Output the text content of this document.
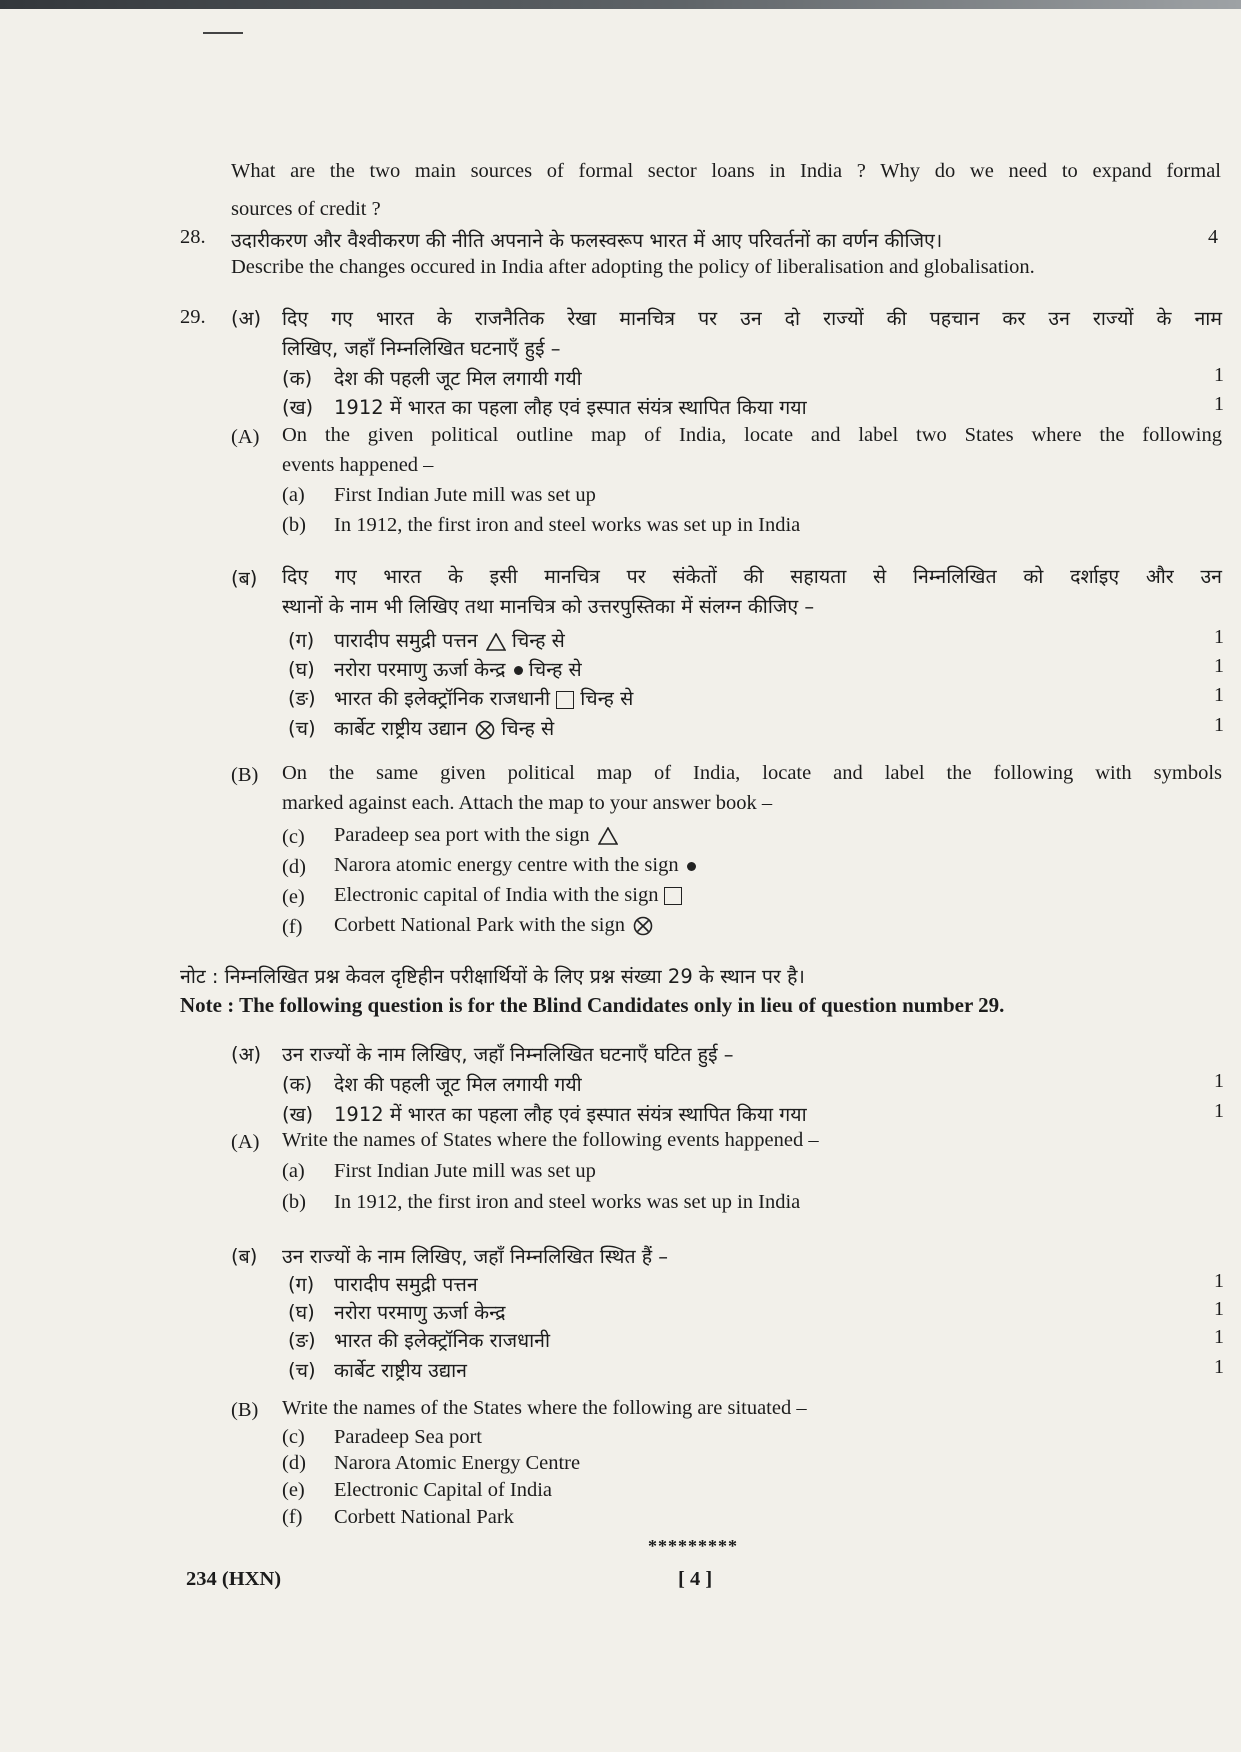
What are the two main sources of formal sector loans in India ? Why do we need to expand formal
sources of credit ?
28. उदारीकरण और वैश्वीकरण की नीति अपनाने के फलस्वरूप भारत में आए परिवर्तनों का वर्णन कीजिए।	4
Describe the changes occured in India after adopting the policy of liberalisation and globalisation.
29. (अ) दिए गए भारत के राजनैतिक रेखा मानचित्र पर उन दो राज्यों की पहचान कर उन राज्यों के नाम
लिखिए, जहाँ निम्नलिखित घटनाएँ हुई –
(क) देश की पहली जूट मिल लगायी गयी	1
(ख) 1912 में भारत का पहला लौह एवं इस्पात संयंत्र स्थापित किया गया	1
(A) On the given political outline map of India, locate and label two States where the following
events happened –
(a) First Indian Jute mill was set up
(b) In 1912, the first iron and steel works was set up in India
(ब) दिए गए भारत के इसी मानचित्र पर संकेतों की सहायता से निम्नलिखित को दर्शाइए और उन
स्थानों के नाम भी लिखिए तथा मानचित्र को उत्तरपुस्तिका में संलग्न कीजिए –
(ग) पारादीप समुद्री पत्तन चिन्ह से	1
(घ) नरोरा परमाणु ऊर्जा केन्द्र चिन्ह से	1
(ङ) भारत की इलेक्ट्रॉनिक राजधानी चिन्ह से	1
(च) कार्बेट राष्ट्रीय उद्यान चिन्ह से	1
(B) On the same given political map of India, locate and label the following with symbols
marked against each. Attach the map to your answer book –
(c) Paradeep sea port with the sign
(d) Narora atomic energy centre with the sign
(e) Electronic capital of India with the sign
(f) Corbett National Park with the sign
नोट : निम्नलिखित प्रश्न केवल दृष्टिहीन परीक्षार्थियों के लिए प्रश्न संख्या 29 के स्थान पर है।
Note : The following question is for the Blind Candidates only in lieu of question number 29.
(अ) उन राज्यों के नाम लिखिए, जहाँ निम्नलिखित घटनाएँ घटित हुई –
(क) देश की पहली जूट मिल लगायी गयी	1
(ख) 1912 में भारत का पहला लौह एवं इस्पात संयंत्र स्थापित किया गया	1
(A) Write the names of States where the following events happened –
(a) First Indian Jute mill was set up
(b) In 1912, the first iron and steel works was set up in India
(ब) उन राज्यों के नाम लिखिए, जहाँ निम्नलिखित स्थित हैं –
(ग) पारादीप समुद्री पत्तन	1
(घ) नरोरा परमाणु ऊर्जा केन्द्र	1
(ङ) भारत की इलेक्ट्रॉनिक राजधानी	1
(च) कार्बेट राष्ट्रीय उद्यान	1
(B) Write the names of the States where the following are situated –
(c) Paradeep Sea port
(d) Narora Atomic Energy Centre
(e) Electronic Capital of India
(f) Corbett National Park
*********
234 (HXN)	[ 4 ]
